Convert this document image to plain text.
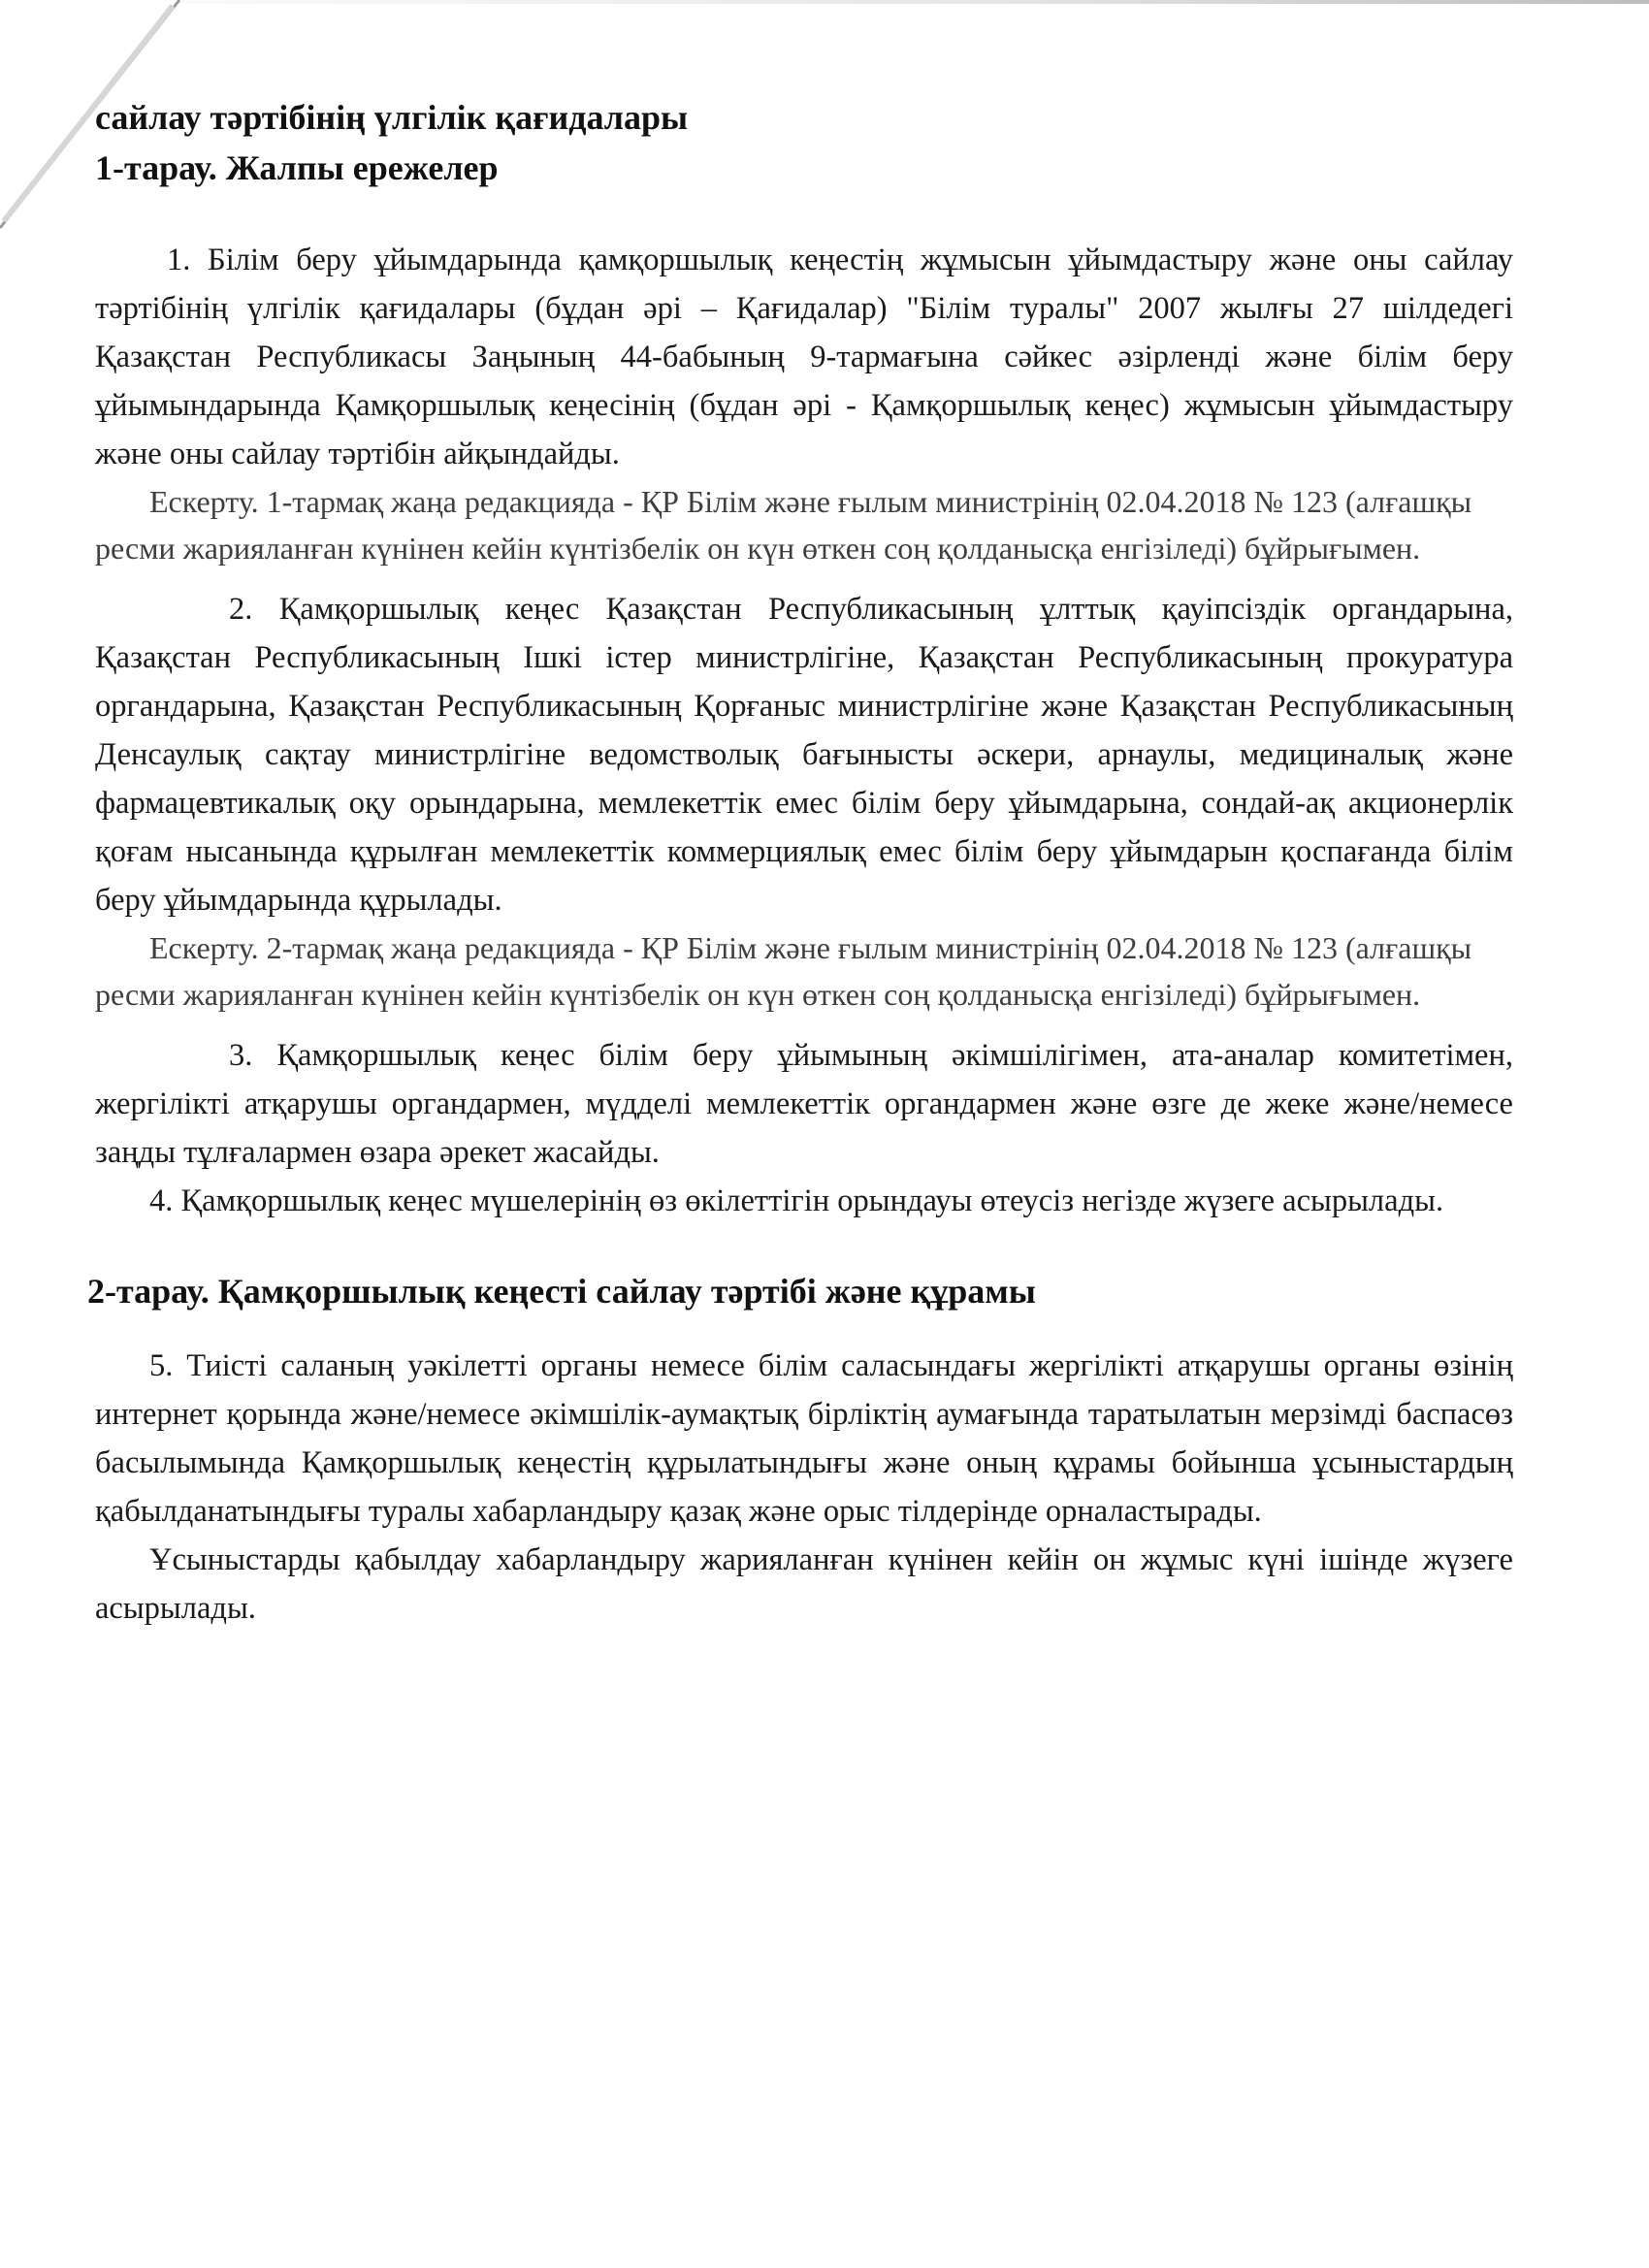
сайлау тәртібінің үлгілік қағидалары

1-тарау. Жалпы ережелер

1. Білім беру ұйымдарында қамқоршылық кеңестің жұмысын ұйымдастыру және оны сайлау тәртібінің үлгілік қағидалары (бұдан әрі – Қағидалар) "Білім туралы" 2007 жылғы 27 шілдедегі Қазақстан Республикасы Заңының 44-бабының 9-тармағына сәйкес әзірленді және білім беру ұйымындарында Қамқоршылық кеңесінің (бұдан әрі - Қамқоршылық кеңес) жұмысын ұйымдастыру және оны сайлау тәртібін айқындайды.

Ескерту. 1-тармақ жаңа редакцияда - ҚР Білім және ғылым министрінің 02.04.2018 № 123 (алғашқы ресми жарияланған күнінен кейін күнтізбелік он күн өткен соң қолданысқа енгізіледі) бұйрығымен.

2. Қамқоршылық кеңес Қазақстан Республикасының ұлттық қауіпсіздік органдарына, Қазақстан Республикасының Ішкі істер министрлігіне, Қазақстан Республикасының прокуратура органдарына, Қазақстан Республикасының Қорғаныс министрлігіне және Қазақстан Республикасының Денсаулық сақтау министрлігіне ведомстволық бағынысты әскери, арнаулы, медициналық және фармацевтикалық оқу орындарына, мемлекеттік емес білім беру ұйымдарына, сондай-ақ акционерлік қоғам нысанында құрылған мемлекеттік коммерциялық емес білім беру ұйымдарын қоспағанда білім беру ұйымдарында құрылады.

Ескерту. 2-тармақ жаңа редакцияда - ҚР Білім және ғылым министрінің 02.04.2018 № 123 (алғашқы ресми жарияланған күнінен кейін күнтізбелік он күн өткен соң қолданысқа енгізіледі) бұйрығымен.

3. Қамқоршылық кеңес білім беру ұйымының әкімшілігімен, ата-аналар комитетімен, жергілікті атқарушы органдармен, мүдделі мемлекеттік органдармен және өзге де жеке және/немесе заңды тұлғалармен өзара әрекет жасайды.

4. Қамқоршылық кеңес мүшелерінің өз өкілеттігін орындауы өтеусіз негізде жүзеге асырылады.

2-тарау. Қамқоршылық кеңесті сайлау тәртібі және құрамы

5. Тиісті саланың уәкілетті органы немесе білім саласындағы жергілікті атқарушы органы өзінің интернет қорында және/немесе әкімшілік-аумақтық бірліктің аумағында таратылатын мерзімді баспасөз басылымында Қамқоршылық кеңестің құрылатындығы және оның құрамы бойынша ұсыныстардың қабылданатындығы туралы хабарландыру қазақ және орыс тілдерінде орналастырады.

Ұсыныстарды қабылдау хабарландыру жарияланған күнінен кейін он жұмыс күні ішінде жүзеге асырылады.
